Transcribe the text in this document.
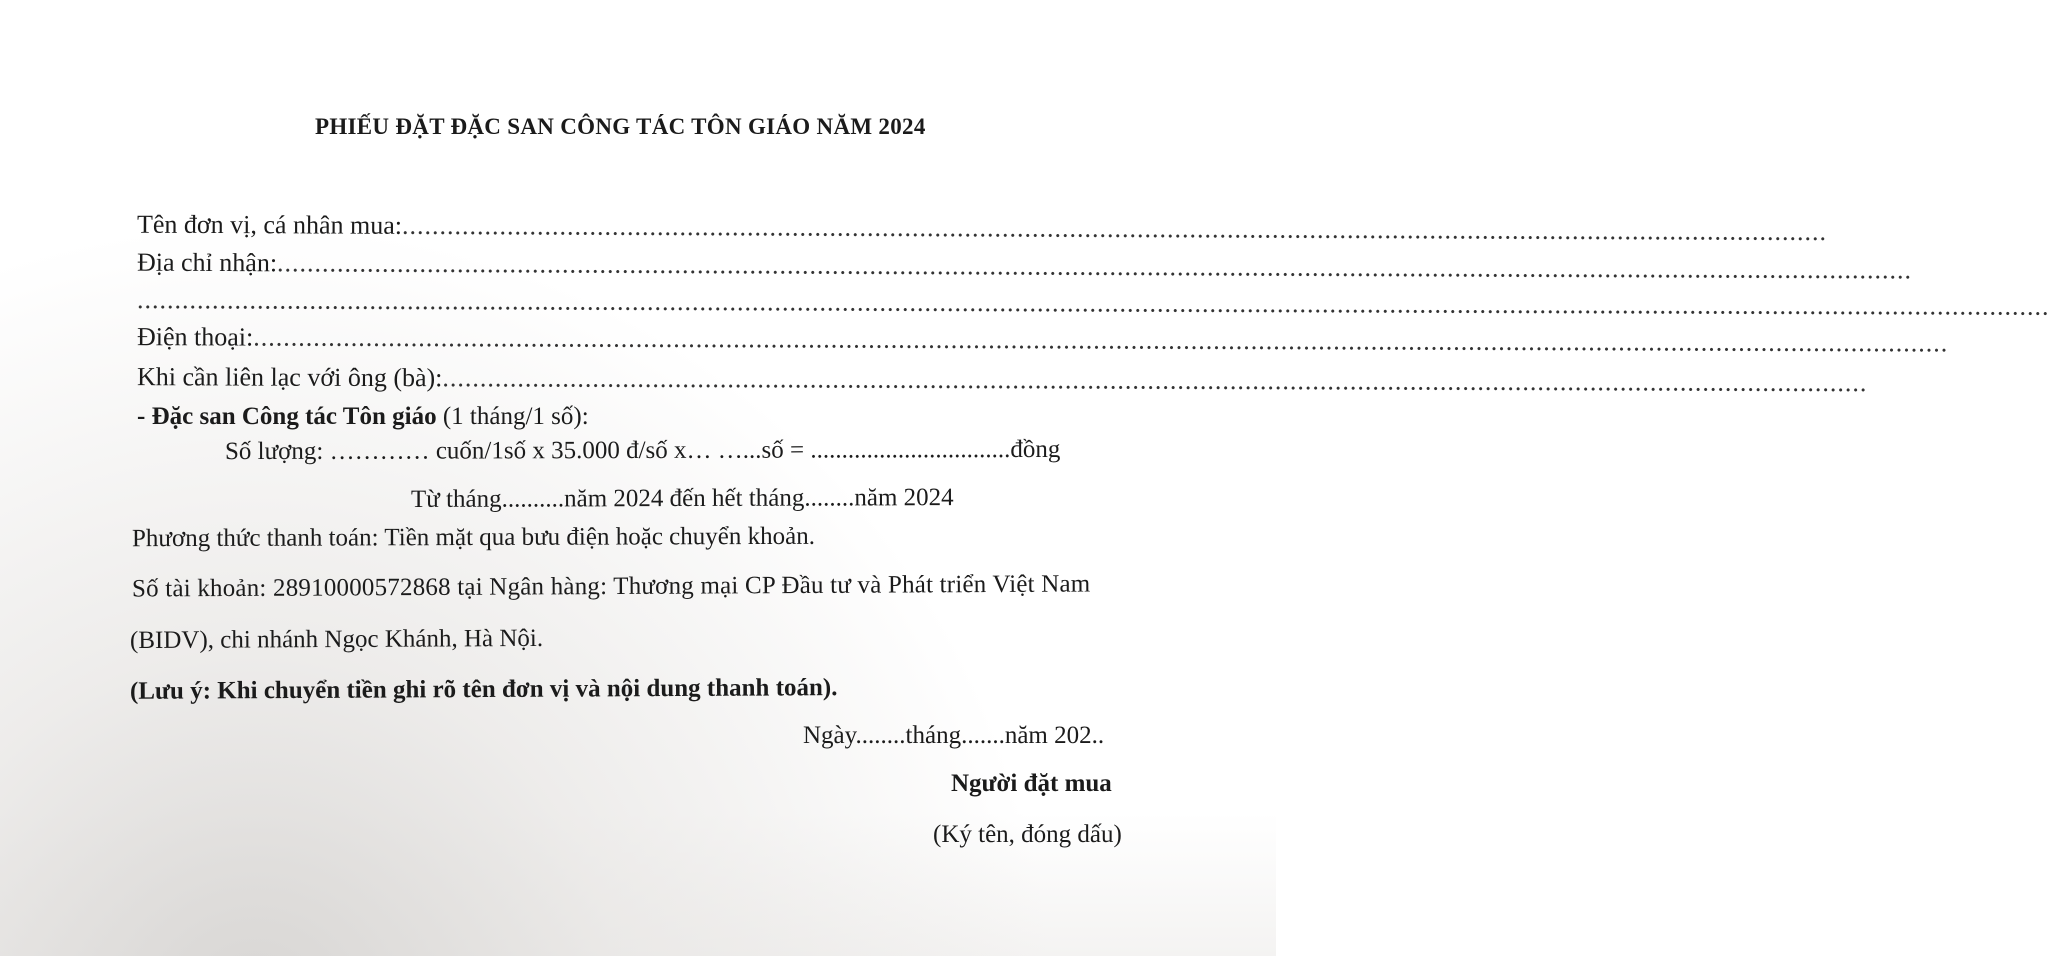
PHIẾU ĐẶT ĐẶC SAN CÔNG TÁC TÔN GIÁO NĂM 2024
Tên đơn vị, cá nhân mua:..............................................................................................................................................................................................
Địa chỉ nhận:..........................................................................................................................................................................................................................
...............................................................................................................................................................................................................................................................
Điện thoại:..................................................................................................................................................................................................................................
Khi cần liên lạc với ông (bà):..............................................................................................................................................................................................
- Đặc san Công tác Tôn giáo (1 tháng/1 số):
Số lượng: ………… cuốn/1số x 35.000 đ/số x… …...số = ................................đồng
Từ tháng..........năm 2024 đến hết tháng........năm 2024
Phương thức thanh toán: Tiền mặt qua bưu điện hoặc chuyển khoản.
Số tài khoản: 28910000572868 tại Ngân hàng: Thương mại CP Đầu tư và Phát triển Việt Nam
(BIDV), chi nhánh Ngọc Khánh, Hà Nội.
(Lưu ý: Khi chuyển tiền ghi rõ tên đơn vị và nội dung thanh toán).
Ngày........tháng.......năm 202..
Người đặt mua
(Ký tên, đóng dấu)
